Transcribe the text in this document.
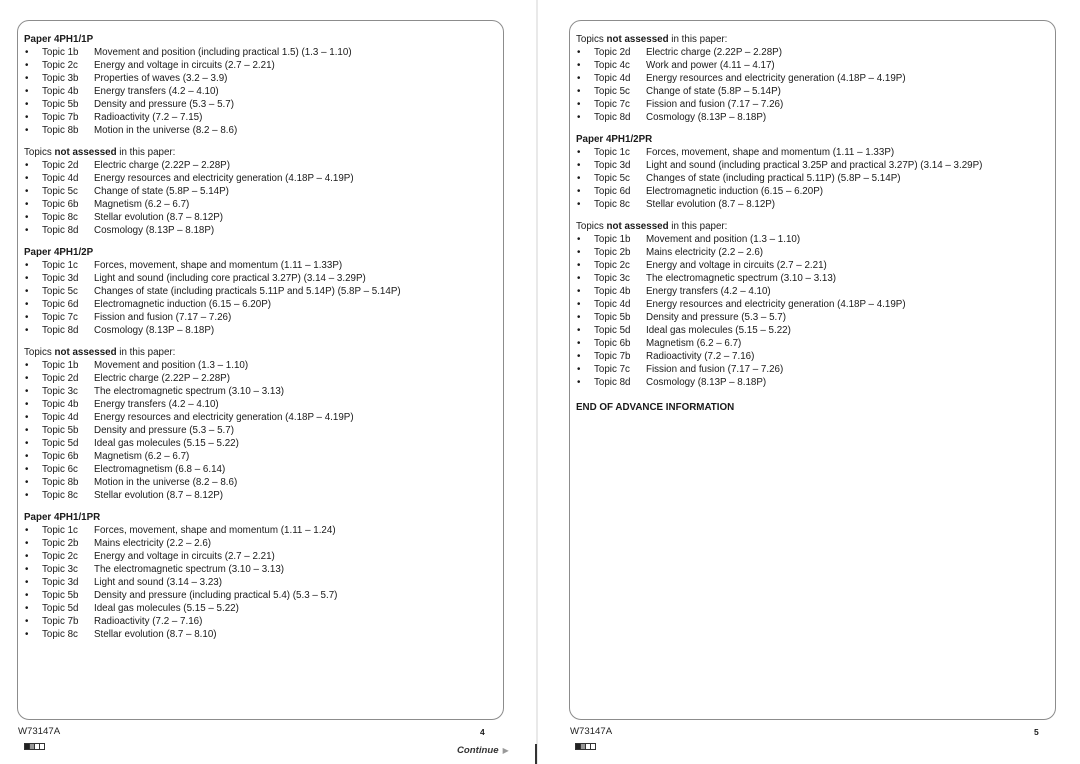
Paper 4PH1/1P
•	Topic 1b	Movement and position (including practical 1.5) (1.3 – 1.10)
•	Topic 2c	Energy and voltage in circuits (2.7 – 2.21)
•	Topic 3b	Properties of waves (3.2 – 3.9)
•	Topic 4b	Energy transfers (4.2 – 4.10)
•	Topic 5b	Density and pressure (5.3 – 5.7)
•	Topic 7b	Radioactivity (7.2 – 7.15)
•	Topic 8b	Motion in the universe (8.2 – 8.6)
Topics not assessed in this paper:
•	Topic 2d	Electric charge (2.22P – 2.28P)
•	Topic 4d	Energy resources and electricity generation (4.18P – 4.19P)
•	Topic 5c	Change of state (5.8P – 5.14P)
•	Topic 6b	Magnetism (6.2 – 6.7)
•	Topic 8c	Stellar evolution (8.7 – 8.12P)
•	Topic 8d	Cosmology (8.13P – 8.18P)
Paper 4PH1/2P
•	Topic 1c	Forces, movement, shape and momentum (1.11 – 1.33P)
•	Topic 3d	Light and sound (including core practical 3.27P) (3.14 – 3.29P)
•	Topic 5c	Changes of state (including practicals 5.11P and 5.14P) (5.8P – 5.14P)
•	Topic 6d	Electromagnetic induction (6.15 – 6.20P)
•	Topic 7c	Fission and fusion (7.17 – 7.26)
•	Topic 8d	Cosmology (8.13P – 8.18P)
Topics not assessed in this paper:
•	Topic 1b	Movement and position (1.3 – 1.10)
•	Topic 2d	Electric charge (2.22P – 2.28P)
•	Topic 3c	The electromagnetic spectrum (3.10 – 3.13)
•	Topic 4b	Energy transfers (4.2 – 4.10)
•	Topic 4d	Energy resources and electricity generation (4.18P – 4.19P)
•	Topic 5b	Density and pressure (5.3 – 5.7)
•	Topic 5d	Ideal gas molecules (5.15 – 5.22)
•	Topic 6b	Magnetism (6.2 – 6.7)
•	Topic 6c	Electromagnetism (6.8 – 6.14)
•	Topic 8b	Motion in the universe (8.2 – 8.6)
•	Topic 8c	Stellar evolution (8.7 – 8.12P)
Paper 4PH1/1PR
•	Topic 1c	Forces, movement, shape and momentum (1.11 – 1.24)
•	Topic 2b	Mains electricity (2.2 – 2.6)
•	Topic 2c	Energy and voltage in circuits (2.7 – 2.21)
•	Topic 3c	The electromagnetic spectrum (3.10 – 3.13)
•	Topic 3d	Light and sound (3.14 – 3.23)
•	Topic 5b	Density and pressure (including practical 5.4) (5.3 – 5.7)
•	Topic 5d	Ideal gas molecules (5.15 – 5.22)
•	Topic 7b	Radioactivity (7.2 – 7.16)
•	Topic 8c	Stellar evolution (8.7 – 8.10)
W73147A	4
Continue ▶
Topics not assessed in this paper:
•	Topic 2d	Electric charge (2.22P – 2.28P)
•	Topic 4c	Work and power (4.11 – 4.17)
•	Topic 4d	Energy resources and electricity generation (4.18P – 4.19P)
•	Topic 5c	Change of state (5.8P – 5.14P)
•	Topic 7c	Fission and fusion (7.17 – 7.26)
•	Topic 8d	Cosmology (8.13P – 8.18P)
Paper 4PH1/2PR
•	Topic 1c	Forces, movement, shape and momentum (1.11 – 1.33P)
•	Topic 3d	Light and sound (including practical 3.25P and practical 3.27P) (3.14 – 3.29P)
•	Topic 5c	Changes of state (including practical 5.11P) (5.8P – 5.14P)
•	Topic 6d	Electromagnetic induction (6.15 – 6.20P)
•	Topic 8c	Stellar evolution (8.7 – 8.12P)
Topics not assessed in this paper:
•	Topic 1b	Movement and position (1.3 – 1.10)
•	Topic 2b	Mains electricity (2.2 – 2.6)
•	Topic 2c	Energy and voltage in circuits (2.7 – 2.21)
•	Topic 3c	The electromagnetic spectrum (3.10 – 3.13)
•	Topic 4b	Energy transfers (4.2 – 4.10)
•	Topic 4d	Energy resources and electricity generation (4.18P – 4.19P)
•	Topic 5b	Density and pressure (5.3 – 5.7)
•	Topic 5d	Ideal gas molecules (5.15 – 5.22)
•	Topic 6b	Magnetism (6.2 – 6.7)
•	Topic 7b	Radioactivity (7.2 – 7.16)
•	Topic 7c	Fission and fusion (7.17 – 7.26)
•	Topic 8d	Cosmology (8.13P – 8.18P)
END OF ADVANCE INFORMATION
W73147A	5
